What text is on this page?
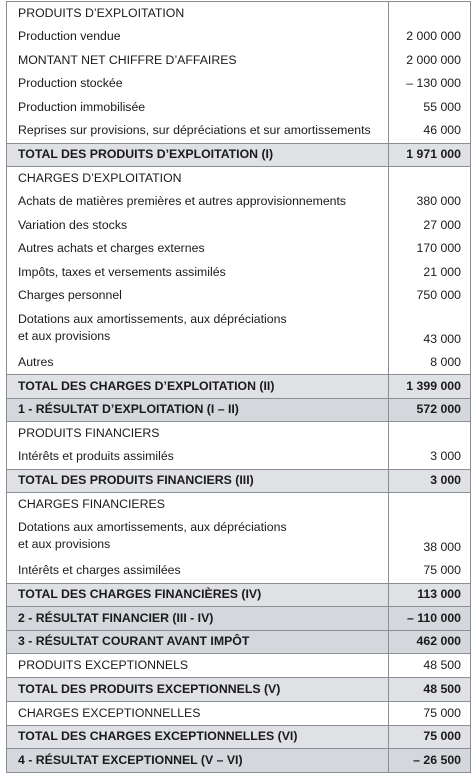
PRODUITS D’EXPLOITATION	
Production vendue	2 000 000
MONTANT NET CHIFFRE D’AFFAIRES	2 000 000
Production stockée	– 130 000
Production immobilisée	55 000
Reprises sur provisions, sur dépréciations et sur amortissements	46 000
TOTAL DES PRODUITS D’EXPLOITATION (I)	1 971 000
CHARGES D’EXPLOITATION	
Achats de matières premières et autres approvisionnements	380 000
Variation des stocks	27 000
Autres achats et charges externes	170 000
Impôts, taxes et versements assimilés	21 000
Charges personnel	750 000
Dotations aux amortissements, aux dépréciations
et aux provisions	43 000
Autres	8 000
TOTAL DES CHARGES D’EXPLOITATION (II)	1 399 000
1 - RÉSULTAT D’EXPLOITATION (I – II)	572 000
PRODUITS FINANCIERS	
Intérêts et produits assimilés	3 000
TOTAL DES PRODUITS FINANCIERS (III)	3 000
CHARGES FINANCIERES	
Dotations aux amortissements, aux dépréciations
et aux provisions	38 000
Intérêts et charges assimilées	75 000
TOTAL DES CHARGES FINANCIÈRES (IV)	113 000
2 - RÉSULTAT FINANCIER (III - IV)	– 110 000
3 - RÉSULTAT COURANT AVANT IMPÔT	462 000
PRODUITS EXCEPTIONNELS	48 500
TOTAL DES PRODUITS EXCEPTIONNELS (V)	48 500
CHARGES EXCEPTIONNELLES	75 000
TOTAL DES CHARGES EXCEPTIONNELLES (VI)	75 000
4 - RÉSULTAT EXCEPTIONNEL (V – VI)	– 26 500
